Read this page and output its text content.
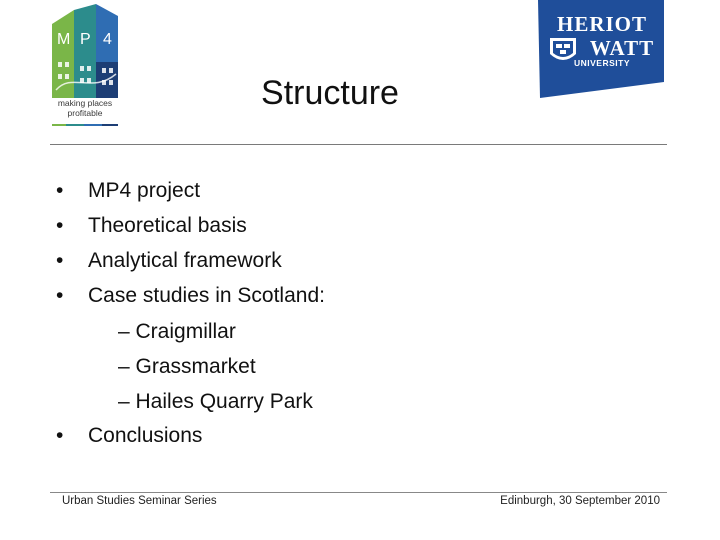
M P 4
making places
profitable
HERIOT
WATT
UNIVERSITY
Structure
•	MP4 project
•	Theoretical basis
•	Analytical framework
•	Case studies in Scotland:
– Craigmillar
– Grassmarket
– Hailes Quarry Park
•	Conclusions
Urban Studies Seminar Series	Edinburgh, 30 September 2010
